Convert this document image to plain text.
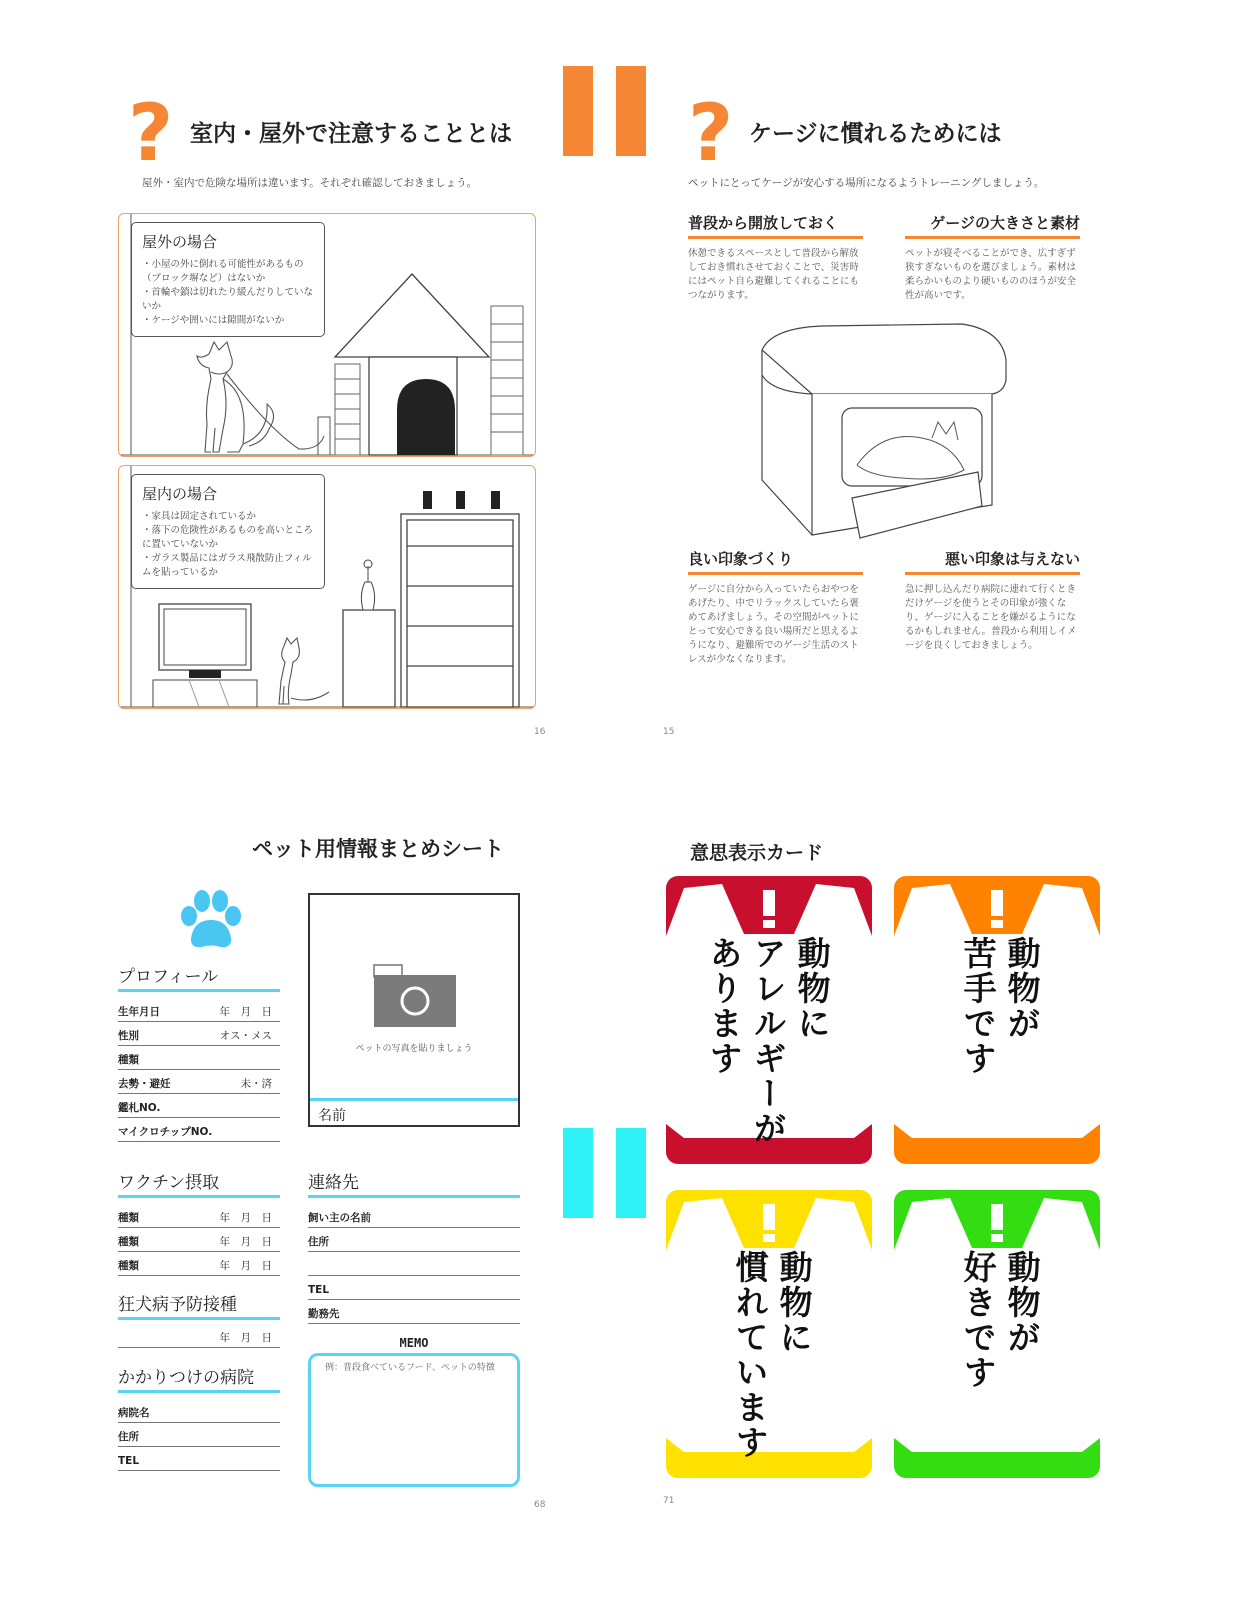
? 室内・屋外で注意することとは
屋外・室内で危険な場所は違います。それぞれ確認しておきましょう。
屋外の場合
・小屋の外に倒れる可能性があるもの（ブロック塀など）はないか
・首輪や鎖は切れたり緩んだりしていないか
・ケージや囲いには隙間がないか
屋内の場合
・家具は固定されているか
・落下の危険性があるものを高いところに置いていないか
・ガラス製品にはガラス飛散防止フィルムを貼っているか
16
? ケージに慣れるためには
ペットにとってケージが安心する場所になるようトレーニングしましょう。
普段から開放しておく
休憩できるスペースとして普段から解放しておき慣れさせておくことで、災害時にはペット自ら避難してくれることにもつながります。
ゲージの大きさと素材
ペットが寝そべることができ、広すぎず狭すぎないものを選びましょう。素材は柔らかいものより硬いもののほうが安全性が高いです。
良い印象づくり
ゲージに自分から入っていたらおやつをあげたり、中でリラックスしていたら褒めてあげましょう。その空間がペットにとって安心できる良い場所だと思えるようになり、避難所でのゲージ生活のストレスが少なくなります。
悪い印象は与えない
急に押し込んだり病院に連れて行くときだけゲージを使うとその印象が強くなり、ゲージに入ることを嫌がるようになるかもしれません。普段から利用しイメージを良くしておきましょう。
15
ペット用情報まとめシート
プロフィール
生年月日	年　月　日
性別	オス・メス
種類
去勢・避妊	未・済
鑑札NO.
マイクロチップNO.
ペットの写真を貼りましょう
名前
ワクチン摂取
種類	年　月　日
種類	年　月　日
種類	年　月　日
狂犬病予防接種
年　月　日
かかりつけの病院
病院名
住所
TEL
連絡先
飼い主の名前
住所
TEL
勤務先
MEMO
例：普段食べているフード、ペットの特徴
68
意思表示カード
動物に
アレルギーが
あります	動物が
苦手です
動物に
慣れています	動物が
好きです
71
